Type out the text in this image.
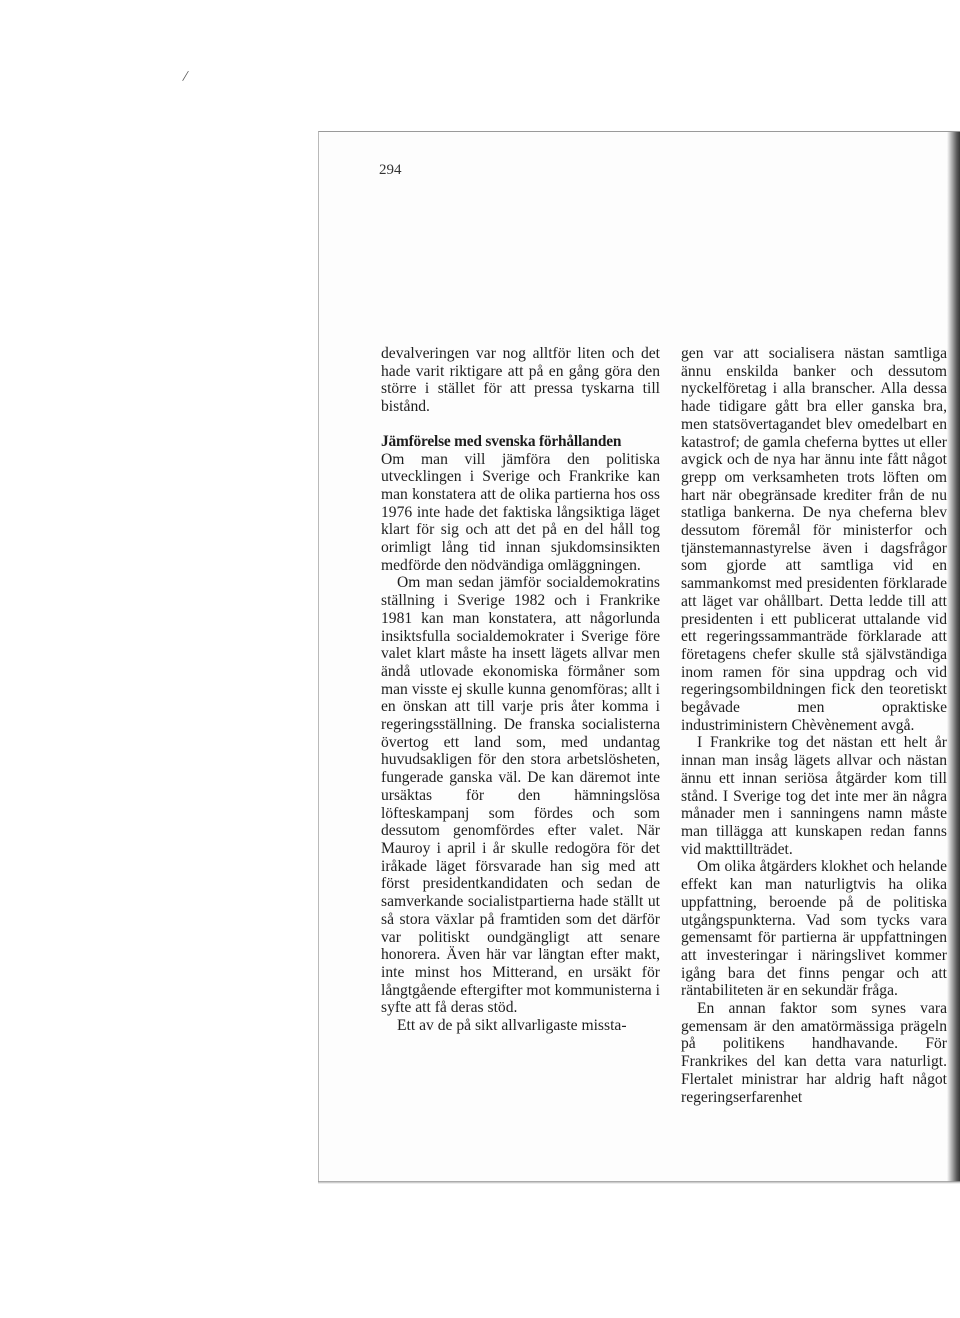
/
294

devalveringen var nog alltför liten och det hade varit riktigare att på en gång göra den större i stället för att pressa tyskarna till bistånd.

Jämförelse med svenska förhållanden

Om man vill jämföra den politiska utvecklingen i Sverige och Frankrike kan man konstatera att de olika partierna hos oss 1976 inte hade det faktiska långsiktiga läget klart för sig och att det på en del håll tog orimligt lång tid innan sjukdomsinsikten medförde den nödvändiga omläggningen.

Om man sedan jämför socialdemokratins ställning i Sverige 1982 och i Frankrike 1981 kan man konstatera, att någorlunda insiktsfulla socialdemokrater i Sverige före valet klart måste ha insett lägets allvar men ändå utlovade ekonomiska förmåner som man visste ej skulle kunna genomföras; allt i en önskan att till varje pris åter komma i regeringsställning. De franska socialisterna övertog ett land som, med undantag huvudsakligen för den stora arbetslösheten, fungerade ganska väl. De kan däremot inte ursäktas för den hämningslösa löfteskampanj som fördes och som dessutom genomfördes efter valet. När Mauroy i april i år skulle redogöra för det iråkade läget försvarade han sig med att först presidentkandidaten och sedan de samverkande socialistpartierna hade ställt ut så stora växlar på framtiden som det därför var politiskt oundgängligt att senare honorera. Även här var längtan efter makt, inte minst hos Mitterand, en ursäkt för långtgående eftergifter mot kommunisterna i syfte att få deras stöd.

Ett av de på sikt allvarligaste missta-

gen var att socialisera nästan samtliga ännu enskilda banker och dessutom nyckelföretag i alla branscher. Alla dessa hade tidigare gått bra eller ganska bra, men statsövertagandet blev omedelbart en katastrof; de gamla cheferna byttes ut eller avgick och de nya har ännu inte fått något grepp om verksamheten trots löften om hart när obegränsade krediter från de nu statliga bankerna. De nya cheferna blev dessutom föremål för ministerfor och tjänstemannastyrelse även i dagsfrågor som gjorde att samtliga vid en sammankomst med presidenten förklarade att läget var ohållbart. Detta ledde till att presidenten i ett publicerat uttalande vid ett regeringssammanträde förklarade att företagens chefer skulle stå självständiga inom ramen för sina uppdrag och vid regeringsombildningen fick den teoretiskt begåvade men opraktiske industriministern Chèvènement avgå.

I Frankrike tog det nästan ett helt år innan man insåg lägets allvar och nästan ännu ett innan seriösa åtgärder kom till stånd. I Sverige tog det inte mer än några månader men i sanningens namn måste man tillägga att kunskapen redan fanns vid makttillträdet.

Om olika åtgärders klokhet och helande effekt kan man naturligtvis ha olika uppfattning, beroende på de politiska utgångspunkterna. Vad som tycks vara gemensamt för partierna är uppfattningen att investeringar i näringslivet kommer igång bara det finns pengar och att räntabiliteten är en sekundär fråga.

En annan faktor som synes vara gemensam är den amatörmässiga prägeln på politikens handhavande. För Frankrikes del kan detta vara naturligt. Flertalet ministrar har aldrig haft något regeringserfarenhet
